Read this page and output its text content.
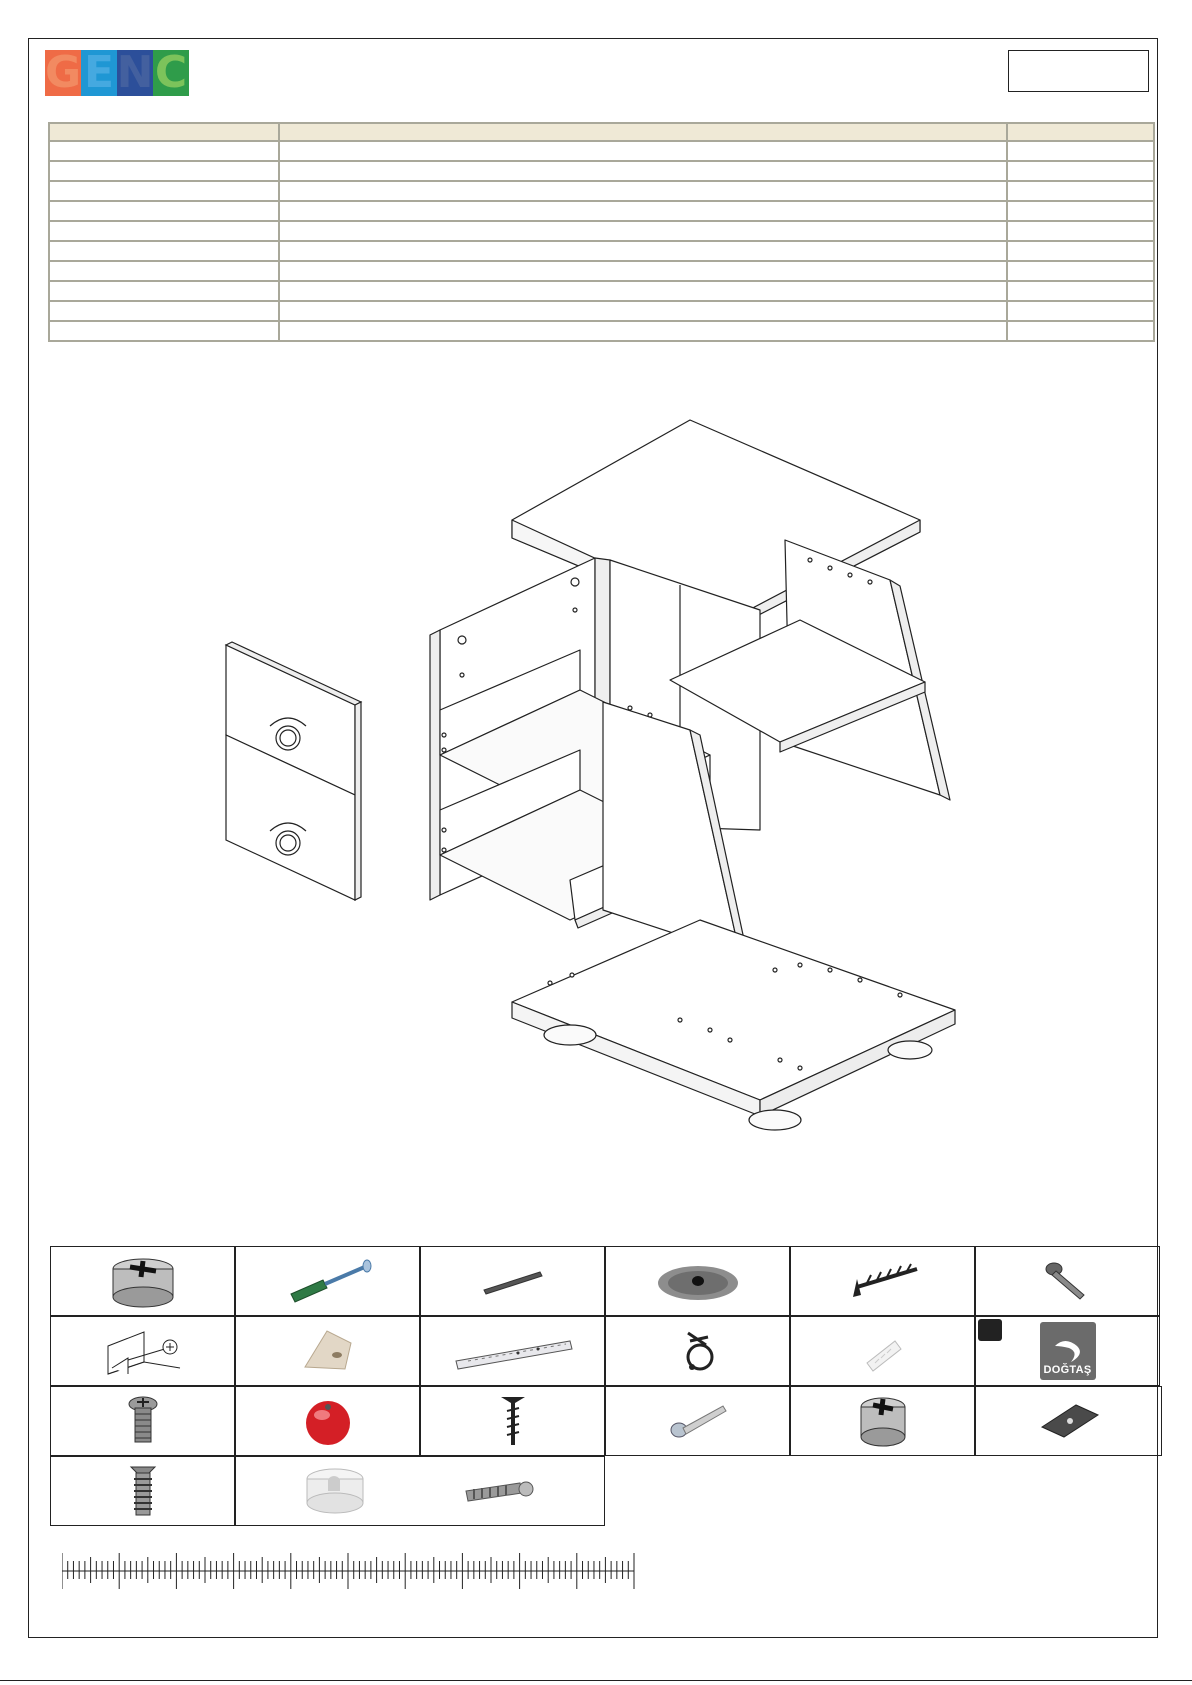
G E N C

DOĞTAŞ
